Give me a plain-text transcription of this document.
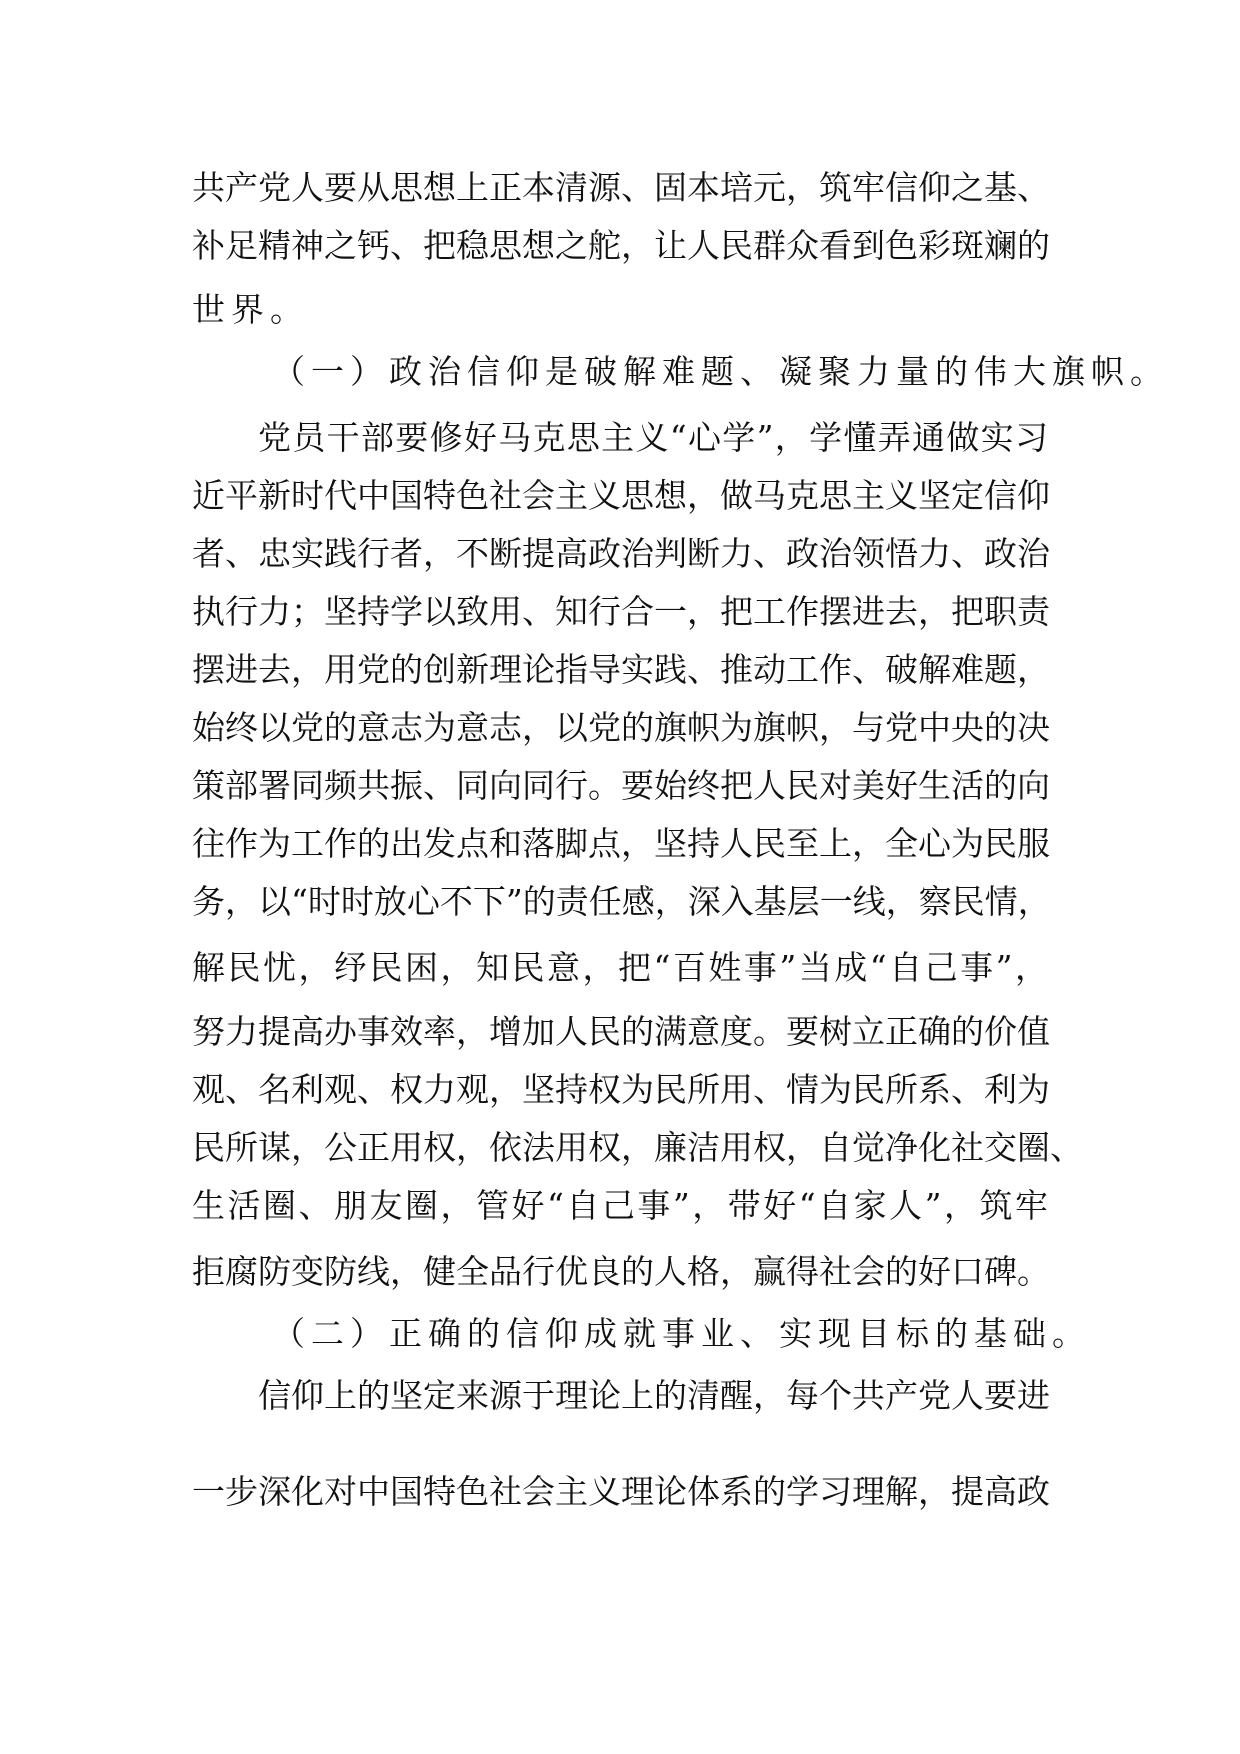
共产党人要从思想上正本清源、固本培元，筑牢信仰之基、
补足精神之钙、把稳思想之舵，让人民群众看到色彩斑斓的
世界。
（一）政治信仰是破解难题、凝聚力量的伟大旗帜。
党员干部要修好马克思主义“心学”，学懂弄通做实习
近平新时代中国特色社会主义思想，做马克思主义坚定信仰
者、忠实践行者，不断提高政治判断力、政治领悟力、政治
执行力；坚持学以致用、知行合一，把工作摆进去，把职责
摆进去，用党的创新理论指导实践、推动工作、破解难题，
始终以党的意志为意志，以党的旗帜为旗帜，与党中央的决
策部署同频共振、同向同行。要始终把人民对美好生活的向
往作为工作的出发点和落脚点，坚持人民至上，全心为民服
务，以“时时放心不下”的责任感，深入基层一线，察民情，
解民忧，纾民困，知民意，把“百姓事”当成“自己事”，
努力提高办事效率，增加人民的满意度。要树立正确的价值
观、名利观、权力观，坚持权为民所用、情为民所系、利为
民所谋，公正用权，依法用权，廉洁用权，自觉净化社交圈、
生活圈、朋友圈，管好“自己事”，带好“自家人”，筑牢
拒腐防变防线，健全品行优良的人格，赢得社会的好口碑。
（二）正确的信仰成就事业、实现目标的基础。
信仰上的坚定来源于理论上的清醒，每个共产党人要进
一步深化对中国特色社会主义理论体系的学习理解，提高政
